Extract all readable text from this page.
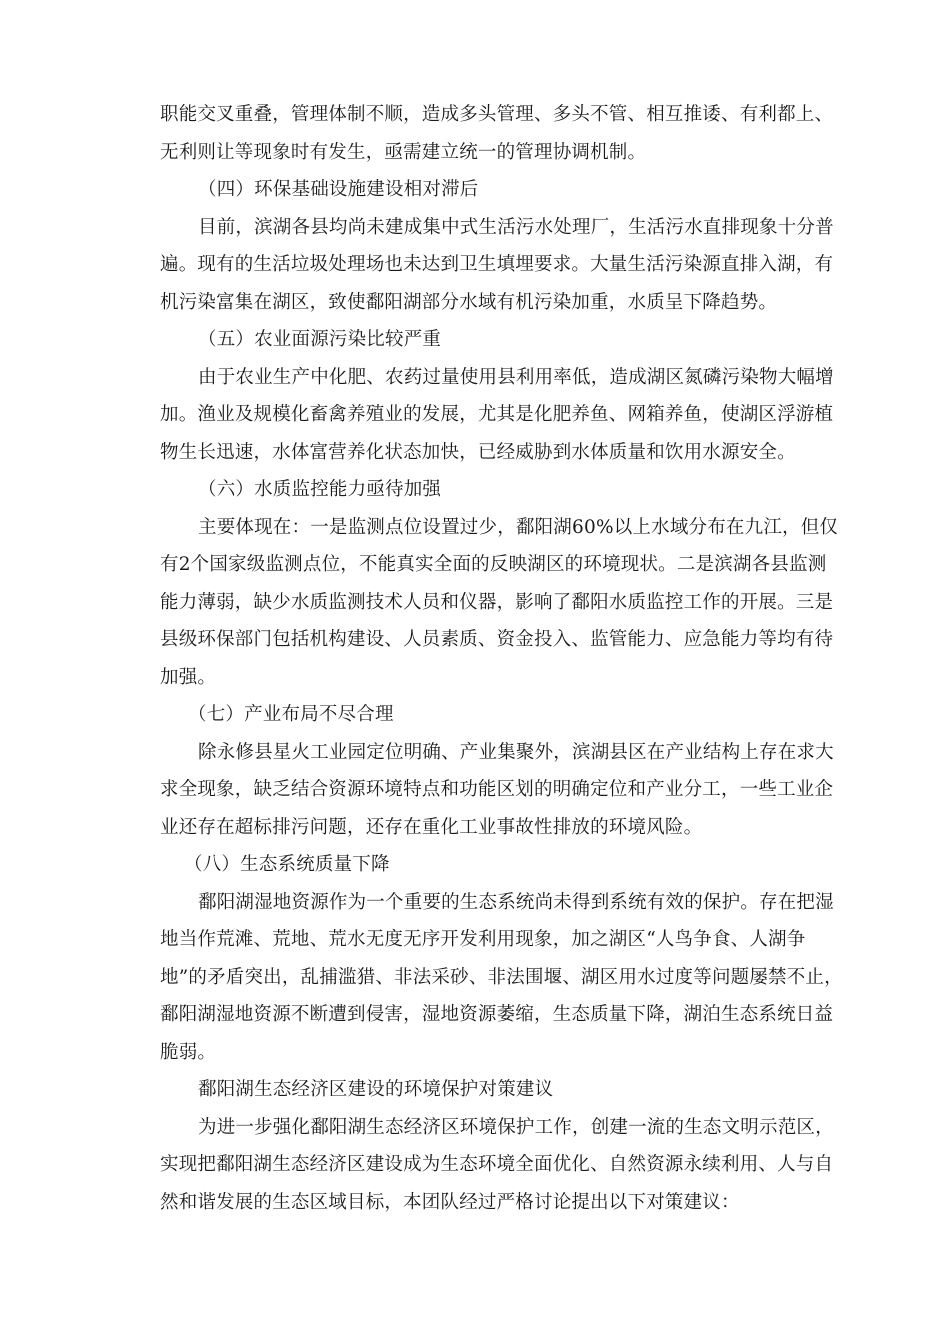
职能交叉重叠，管理体制不顺，造成多头管理、多头不管、相互推诿、有利都上、
无利则让等现象时有发生，亟需建立统一的管理协调机制。
（四）环保基础设施建设相对滞后
目前，滨湖各县均尚未建成集中式生活污水处理厂，生活污水直排现象十分普
遍。现有的生活垃圾处理场也未达到卫生填埋要求。大量生活污染源直排入湖，有
机污染富集在湖区，致使鄱阳湖部分水域有机污染加重，水质呈下降趋势。
（五）农业面源污染比较严重
由于农业生产中化肥、农药过量使用县利用率低，造成湖区氮磷污染物大幅增
加。渔业及规模化畜禽养殖业的发展，尤其是化肥养鱼、网箱养鱼，使湖区浮游植
物生长迅速，水体富营养化状态加快，已经威胁到水体质量和饮用水源安全。
（六）水质监控能力亟待加强
主要体现在：一是监测点位设置过少，鄱阳湖60%以上水域分布在九江，但仅
有2个国家级监测点位，不能真实全面的反映湖区的环境现状。二是滨湖各县监测
能力薄弱，缺少水质监测技术人员和仪器，影响了鄱阳水质监控工作的开展。三是
县级环保部门包括机构建设、人员素质、资金投入、监管能力、应急能力等均有待
加强。
（七）产业布局不尽合理
除永修县星火工业园定位明确、产业集聚外，滨湖县区在产业结构上存在求大
求全现象，缺乏结合资源环境特点和功能区划的明确定位和产业分工，一些工业企
业还存在超标排污问题，还存在重化工业事故性排放的环境风险。
（八）生态系统质量下降
鄱阳湖湿地资源作为一个重要的生态系统尚未得到系统有效的保护。存在把湿
地当作荒滩、荒地、荒水无度无序开发利用现象，加之湖区“人鸟争食、人湖争
地”的矛盾突出，乱捕滥猎、非法采砂、非法围堰、湖区用水过度等问题屡禁不止，
鄱阳湖湿地资源不断遭到侵害，湿地资源萎缩，生态质量下降，湖泊生态系统日益
脆弱。
鄱阳湖生态经济区建设的环境保护对策建议
为进一步强化鄱阳湖生态经济区环境保护工作，创建一流的生态文明示范区，
实现把鄱阳湖生态经济区建设成为生态环境全面优化、自然资源永续利用、人与自
然和谐发展的生态区域目标，本团队经过严格讨论提出以下对策建议：
